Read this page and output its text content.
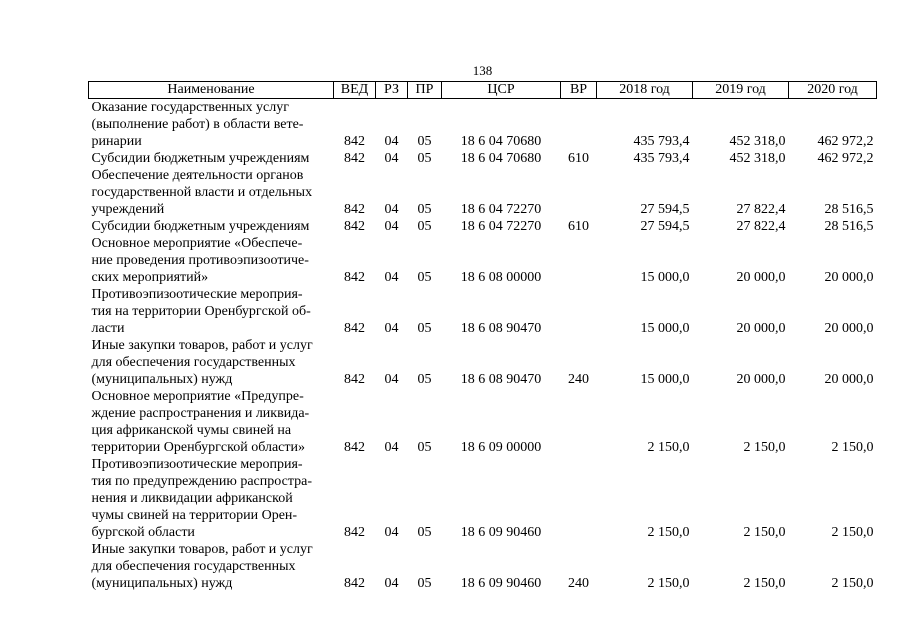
138
Наименование	ВЕД	РЗ	ПР	ЦСР	ВР	2018 год	2019 год	2020 год

Оказание государственных услуг
(выполнение работ) в области вете-
ринарии	842	04	05	18 6 04 70680		435 793,4	452 318,0	462 972,2

Субсидии бюджетным учреждениям	842	04	05	18 6 04 70680	610	435 793,4	452 318,0	462 972,2

Обеспечение деятельности органов
государственной власти и отдельных
учреждений	842	04	05	18 6 04 72270		27 594,5	27 822,4	28 516,5

Субсидии бюджетным учреждениям	842	04	05	18 6 04 72270	610	27 594,5	27 822,4	28 516,5

Основное мероприятие «Обеспече-
ние проведения противоэпизоотиче-
ских мероприятий»	842	04	05	18 6 08 00000		15 000,0	20 000,0	20 000,0

Противоэпизоотические мероприя-
тия на территории Оренбургской об-
ласти	842	04	05	18 6 08 90470		15 000,0	20 000,0	20 000,0

Иные закупки товаров, работ и услуг
для обеспечения государственных
(муниципальных) нужд	842	04	05	18 6 08 90470	240	15 000,0	20 000,0	20 000,0

Основное мероприятие «Предупре-
ждение распространения и ликвида-
ция африканской чумы свиней на
территории Оренбургской области»	842	04	05	18 6 09 00000		2 150,0	2 150,0	2 150,0

Противоэпизоотические мероприя-
тия по предупреждению распростра-
нения и ликвидации африканской
чумы свиней на территории Орен-
бургской области	842	04	05	18 6 09 90460		2 150,0	2 150,0	2 150,0

Иные закупки товаров, работ и услуг
для обеспечения государственных
(муниципальных) нужд	842	04	05	18 6 09 90460	240	2 150,0	2 150,0	2 150,0
